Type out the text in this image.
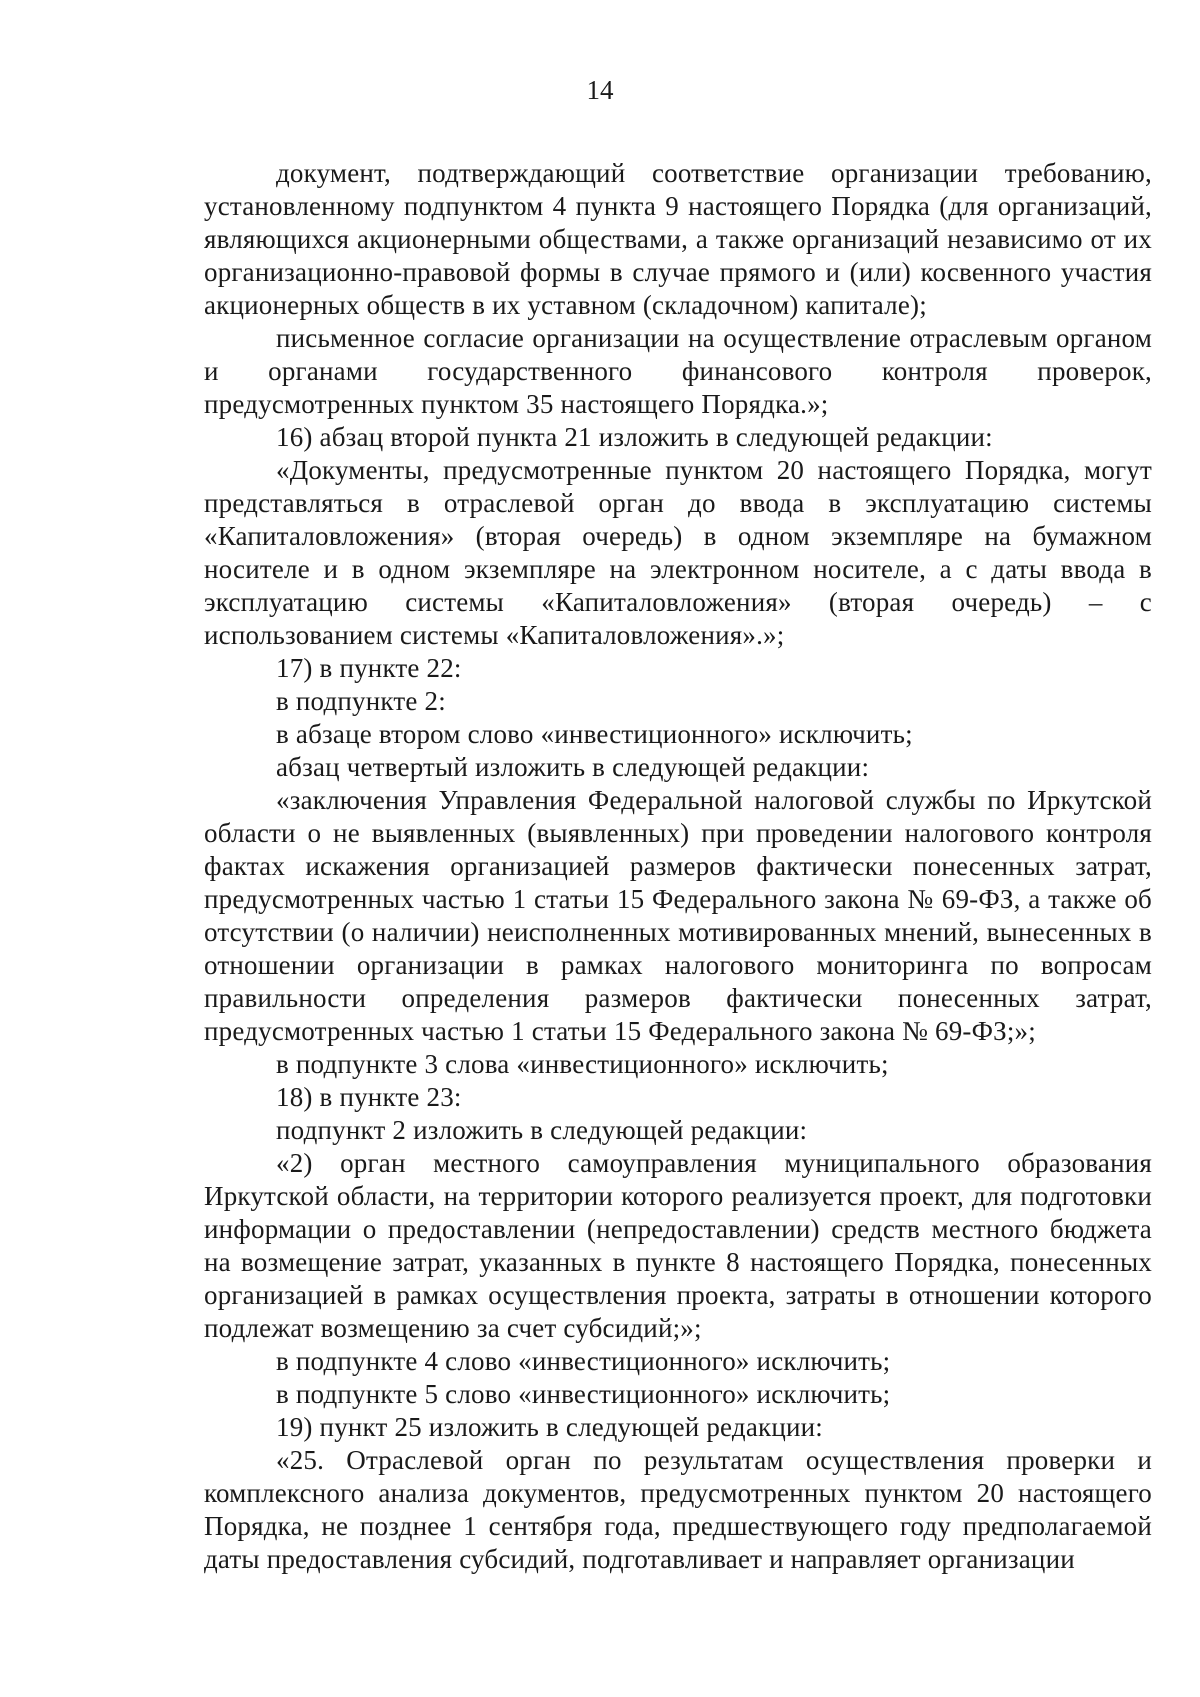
14

документ, подтверждающий соответствие организации требованию, установленному подпунктом 4 пункта 9 настоящего Порядка (для организаций, являющихся акционерными обществами, а также организаций независимо от их организационно-правовой формы в случае прямого и (или) косвенного участия акционерных обществ в их уставном (складочном) капитале);

письменное согласие организации на осуществление отраслевым органом и органами государственного финансового контроля проверок, предусмотренных пунктом 35 настоящего Порядка.»;

16) абзац второй пункта 21 изложить в следующей редакции:

«Документы, предусмотренные пунктом 20 настоящего Порядка, могут представляться в отраслевой орган до ввода в эксплуатацию системы «Капиталовложения» (вторая очередь) в одном экземпляре на бумажном носителе и в одном экземпляре на электронном носителе, а с даты ввода в эксплуатацию системы «Капиталовложения» (вторая очередь) – с использованием системы «Капиталовложения».»;

17) в пункте 22:

в подпункте 2:

в абзаце втором слово «инвестиционного» исключить;

абзац четвертый изложить в следующей редакции:

«заключения Управления Федеральной налоговой службы по Иркутской области о не выявленных (выявленных) при проведении налогового контроля фактах искажения организацией размеров фактически понесенных затрат, предусмотренных частью 1 статьи 15 Федерального закона № 69-ФЗ, а также об отсутствии (о наличии) неисполненных мотивированных мнений, вынесенных в отношении организации в рамках налогового мониторинга по вопросам правильности определения размеров фактически понесенных затрат, предусмотренных частью 1 статьи 15 Федерального закона № 69-ФЗ;»;

в подпункте 3 слова «инвестиционного» исключить;

18) в пункте 23:

подпункт 2 изложить в следующей редакции:

«2) орган местного самоуправления муниципального образования Иркутской области, на территории которого реализуется проект, для подготовки информации о предоставлении (непредоставлении) средств местного бюджета на возмещение затрат, указанных в пункте 8 настоящего Порядка, понесенных организацией в рамках осуществления проекта, затраты в отношении которого подлежат возмещению за счет субсидий;»;

в подпункте 4 слово «инвестиционного» исключить;

в подпункте 5 слово «инвестиционного» исключить;

19) пункт 25 изложить в следующей редакции:

«25. Отраслевой орган по результатам осуществления проверки и комплексного анализа документов, предусмотренных пунктом 20 настоящего Порядка, не позднее 1 сентября года, предшествующего году предполагаемой даты предоставления субсидий, подготавливает и направляет организации
